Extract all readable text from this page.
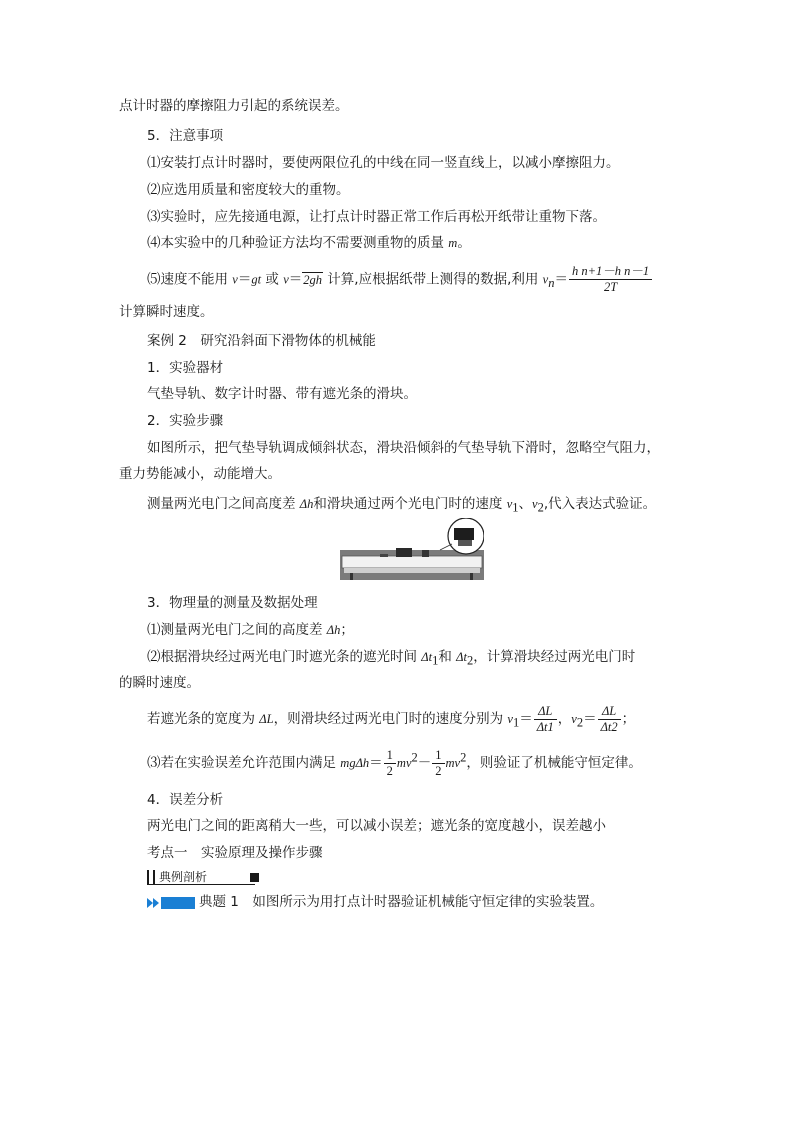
点计时器的摩擦阻力引起的系统误差。
5．注意事项
⑴安装打点计时器时，要使两限位孔的中线在同一竖直线上，以减小摩擦阻力。
⑵应选用质量和密度较大的重物。
⑶实验时，应先接通电源，让打点计时器正常工作后再松开纸带让重物下落。
⑷本实验中的几种验证方法均不需要测重物的质量 m。
⑸速度不能用 v＝gt 或 v＝2gh 计算,应根据纸带上测得的数据,利用 $v_n= \frac{\text{h n+1－h n－1}}{2T}$
计算瞬时速度。
案例 2　研究沿斜面下滑物体的机械能
1．实验器材
气垫导轨、数字计时器、带有遮光条的滑块。
2．实验步骤
如图所示，把气垫导轨调成倾斜状态，滑块沿倾斜的气垫导轨下滑时，忽略空气阻力，
重力势能减小，动能增大。
测量两光电门之间高度差 Δh和滑块通过两个光电门时的速度 $v_1$、$v_2$,代入表达式验证。
3．物理量的测量及数据处理
⑴测量两光电门之间的高度差 Δh；
⑵根据滑块经过两光电门时遮光条的遮光时间 $\Delta t_1$和 $\Delta t_2$，计算滑块经过两光电门时
的瞬时速度。
若遮光条的宽度为 ΔL，则滑块经过两光电门时的速度分别为 $v_1= \frac{\Delta L}{\Delta t1}$ ，$v_2= \frac{\Delta L}{\Delta t2}$ ；
⑶若在实验误差允许范围内满足 $mg\Delta h= \frac{1}{2} mv^2- \frac{1}{2} mv^2$，则验证了机械能守恒定律。
4．误差分析
两光电门之间的距离稍大一些，可以减小误差；遮光条的宽度越小，误差越小
考点一　实验原理及操作步骤
典例剖析
典题 1　如图所示为用打点计时器验证机械能守恒定律的实验装置。
